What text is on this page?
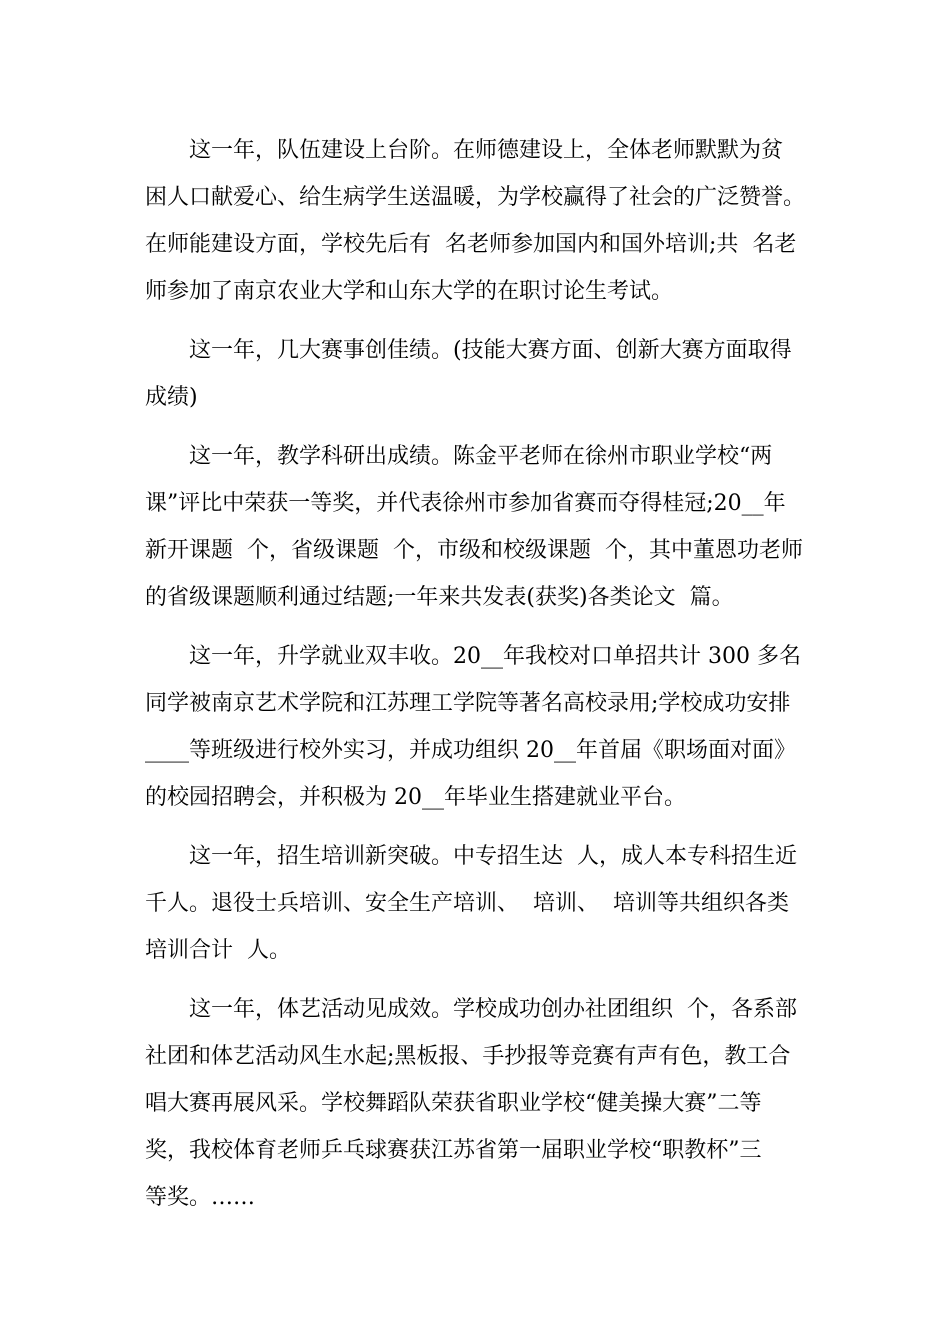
　　这一年，队伍建设上台阶。在师德建设上，全体老师默默为贫
困人口献爱心、给生病学生送温暖，为学校赢得了社会的广泛赞誉。
在师能建设方面，学校先后有  名老师参加国内和国外培训;共  名老
师参加了南京农业大学和山东大学的在职讨论生考试。
　　这一年，几大赛事创佳绩。(技能大赛方面、创新大赛方面取得
成绩)
　　这一年，教学科研出成绩。陈金平老师在徐州市职业学校“两
课”评比中荣获一等奖，并代表徐州市参加省赛而夺得桂冠;20__年
新开课题  个，省级课题  个，市级和校级课题  个，其中董恩功老师
的省级课题顺利通过结题;一年来共发表(获奖)各类论文  篇。
　　这一年，升学就业双丰收。20__年我校对口单招共计 300 多名
同学被南京艺术学院和江苏理工学院等著名高校录用;学校成功安排
____等班级进行校外实习，并成功组织 20__年首届《职场面对面》
的校园招聘会，并积极为 20__年毕业生搭建就业平台。
　　这一年，招生培训新突破。中专招生达  人，成人本专科招生近
千人。退役士兵培训、安全生产培训、  培训、  培训等共组织各类
培训合计  人。
　　这一年，体艺活动见成效。学校成功创办社团组织  个，各系部
社团和体艺活动风生水起;黑板报、手抄报等竞赛有声有色，教工合
唱大赛再展风采。学校舞蹈队荣获省职业学校“健美操大赛”二等
奖，我校体育老师乒乓球赛获江苏省第一届职业学校“职教杯”三
等奖。……
